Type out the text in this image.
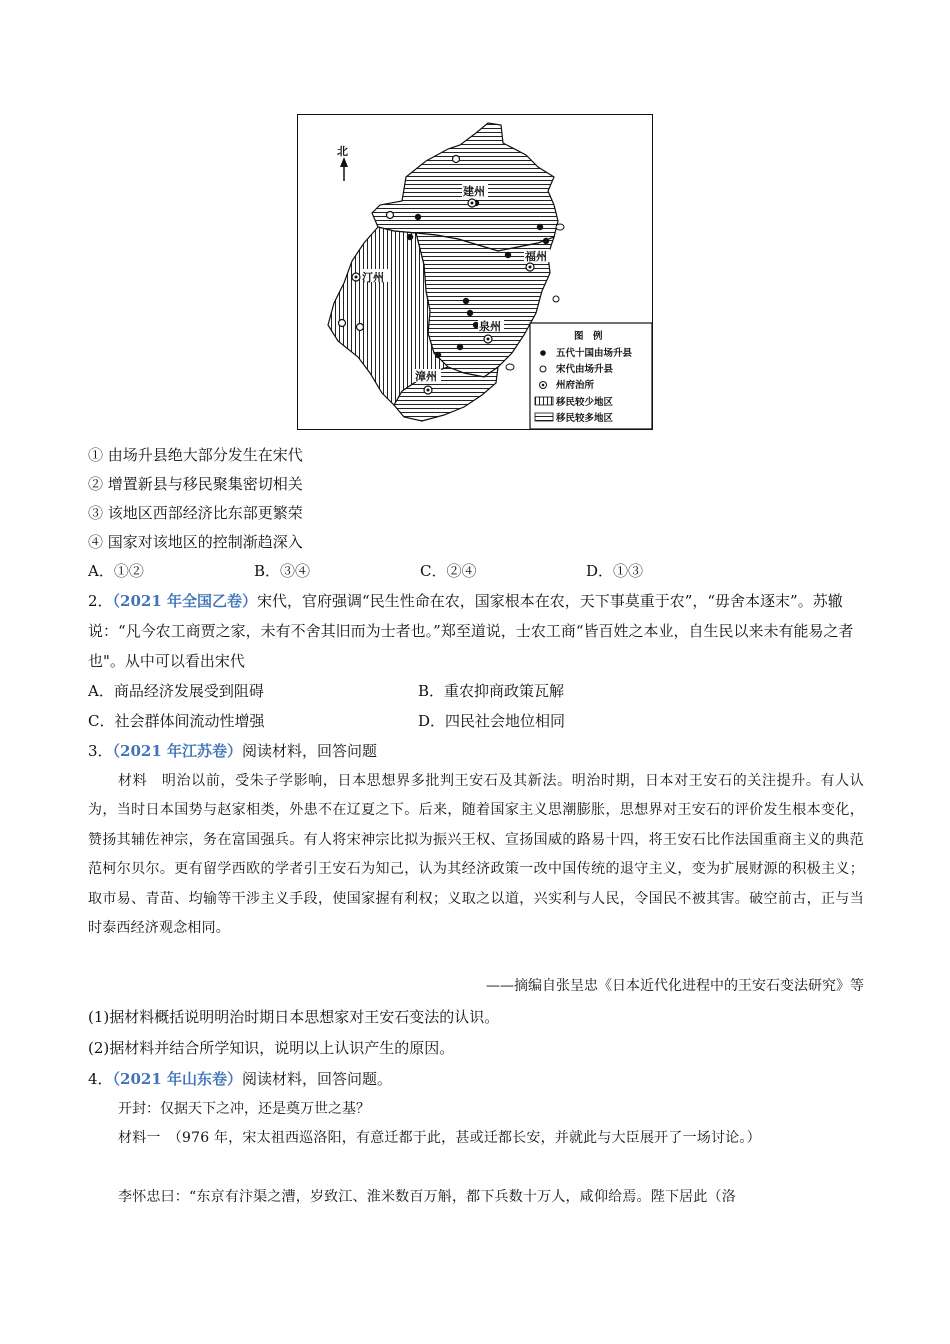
北
建州
福州
汀州
泉州
漳州
图　例
五代十国由场升县
宋代由场升县
州府治所
移民较少地区
移民较多地区
① 由场升县绝大部分发生在宋代
② 增置新县与移民聚集密切相关
③ 该地区西部经济比东部更繁荣
④ 国家对该地区的控制渐趋深入
A．①②	B．③④	C．②④	D．①③
2．（2021 年全国乙卷）宋代，官府强调“民生性命在农，国家根本在农，天下事莫重于农”，“毋舍本逐末”。苏辙说：“凡今农工商贾之家，未有不舍其旧而为士者也。”郑至道说，士农工商“皆百姓之本业，自生民以来未有能易之者也"。从中可以看出宋代
A．商品经济发展受到阻碍	B．重农抑商政策瓦解
C．社会群体间流动性增强	D．四民社会地位相同
3．（2021 年江苏卷）阅读材料，回答问题
材料　明治以前，受朱子学影响，日本思想界多批判王安石及其新法。明治时期，日本对王安石的关注提升。有人认为，当时日本国势与赵家相类，外患不在辽夏之下。后来，随着国家主义思潮膨胀，思想界对王安石的评价发生根本变化，赞扬其辅佐神宗，务在富国强兵。有人将宋神宗比拟为振兴王权、宣扬国威的路易十四，将王安石比作法国重商主义的典范范柯尔贝尔。更有留学西欧的学者引王安石为知己，认为其经济政策一改中国传统的退守主义，变为扩展财源的积极主义；取市易、青苗、均输等干涉主义手段，使国家握有利权；义取之以道，兴实利与人民，令国民不被其害。破空前古，正与当时泰西经济观念相同。
——摘编自张呈忠《日本近代化进程中的王安石变法研究》等
(1)据材料概括说明明治时期日本思想家对王安石变法的认识。
(2)据材料并结合所学知识，说明以上认识产生的原因。
4．（2021 年山东卷）阅读材料，回答问题。
开封：仅据天下之冲，还是奠万世之基？
材料一　（976 年，宋太祖西巡洛阳，有意迁都于此，甚或迁都长安，并就此与大臣展开了一场讨论。）
李怀忠曰：“东京有汴渠之漕，岁致江、淮米数百万斛，都下兵数十万人，咸仰给焉。陛下居此（洛
